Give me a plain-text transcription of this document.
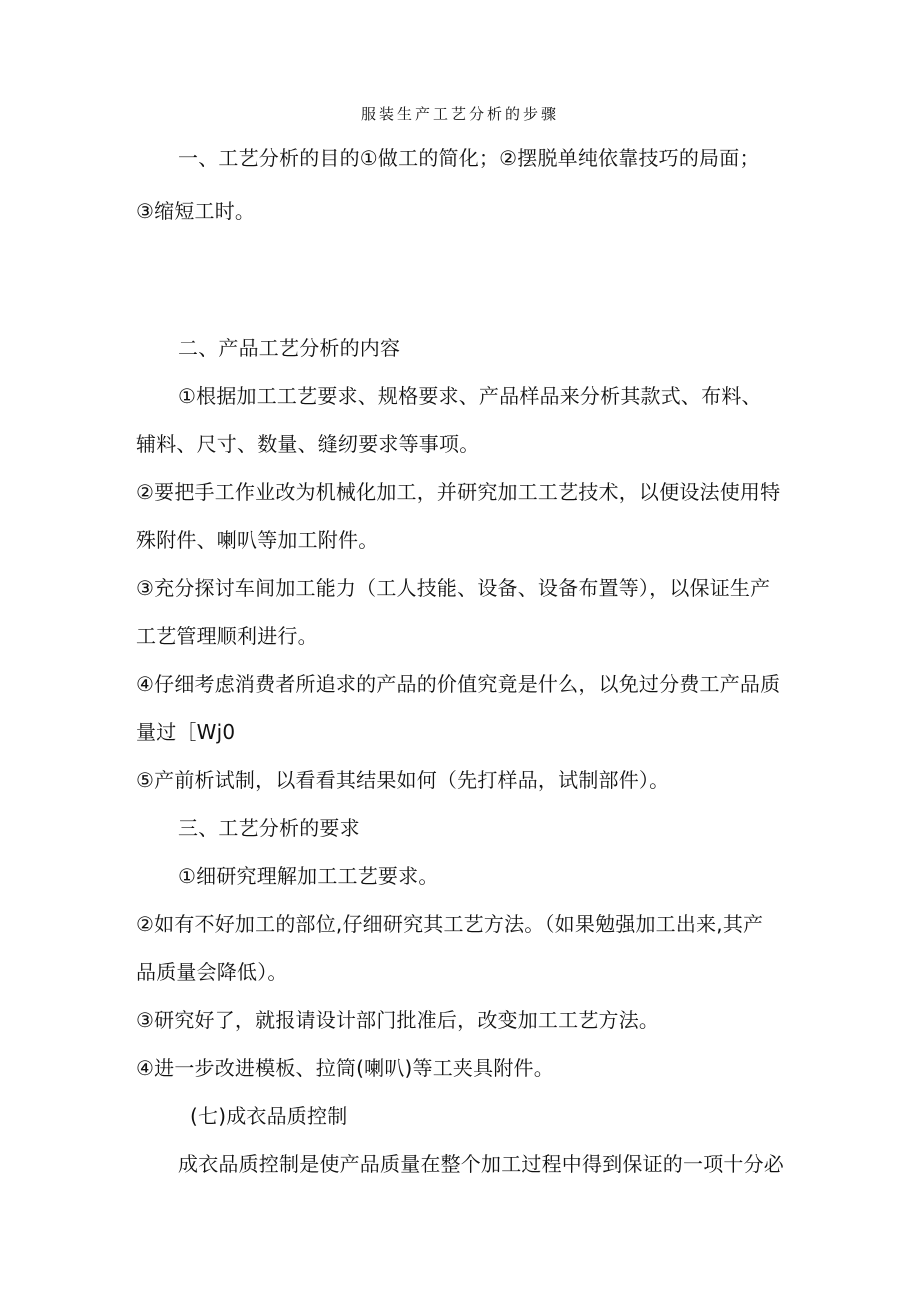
服装生产工艺分析的步骤
一、工艺分析的目的①做工的简化；②摆脱单纯依靠技巧的局面；
③缩短工时。
二、产品工艺分析的内容
①根据加工工艺要求、规格要求、产品样品来分析其款式、布料、
辅料、尺寸、数量、缝纫要求等事项。
②要把手工作业改为机械化加工，并研究加工工艺技术，以便设法使用特
殊附件、喇叭等加工附件。
③充分探讨车间加工能力（工人技能、设备、设备布置等），以保证生产
工艺管理顺利进行。
④仔细考虑消费者所追求的产品的价值究竟是什么，以免过分费工产品质
量过［Wj0
⑤产前析试制，以看看其结果如何（先打样品，试制部件）。
三、工艺分析的要求
①细研究理解加工工艺要求。
②如有不好加工的部位,仔细研究其工艺方法。（如果勉强加工出来,其产
品质量会降低）。
③研究好了，就报请设计部门批准后，改变加工工艺方法。
④进一步改进模板、拉筒(喇叭)等工夹具附件。
(七)成衣品质控制
成衣品质控制是使产品质量在整个加工过程中得到保证的一项十分必
